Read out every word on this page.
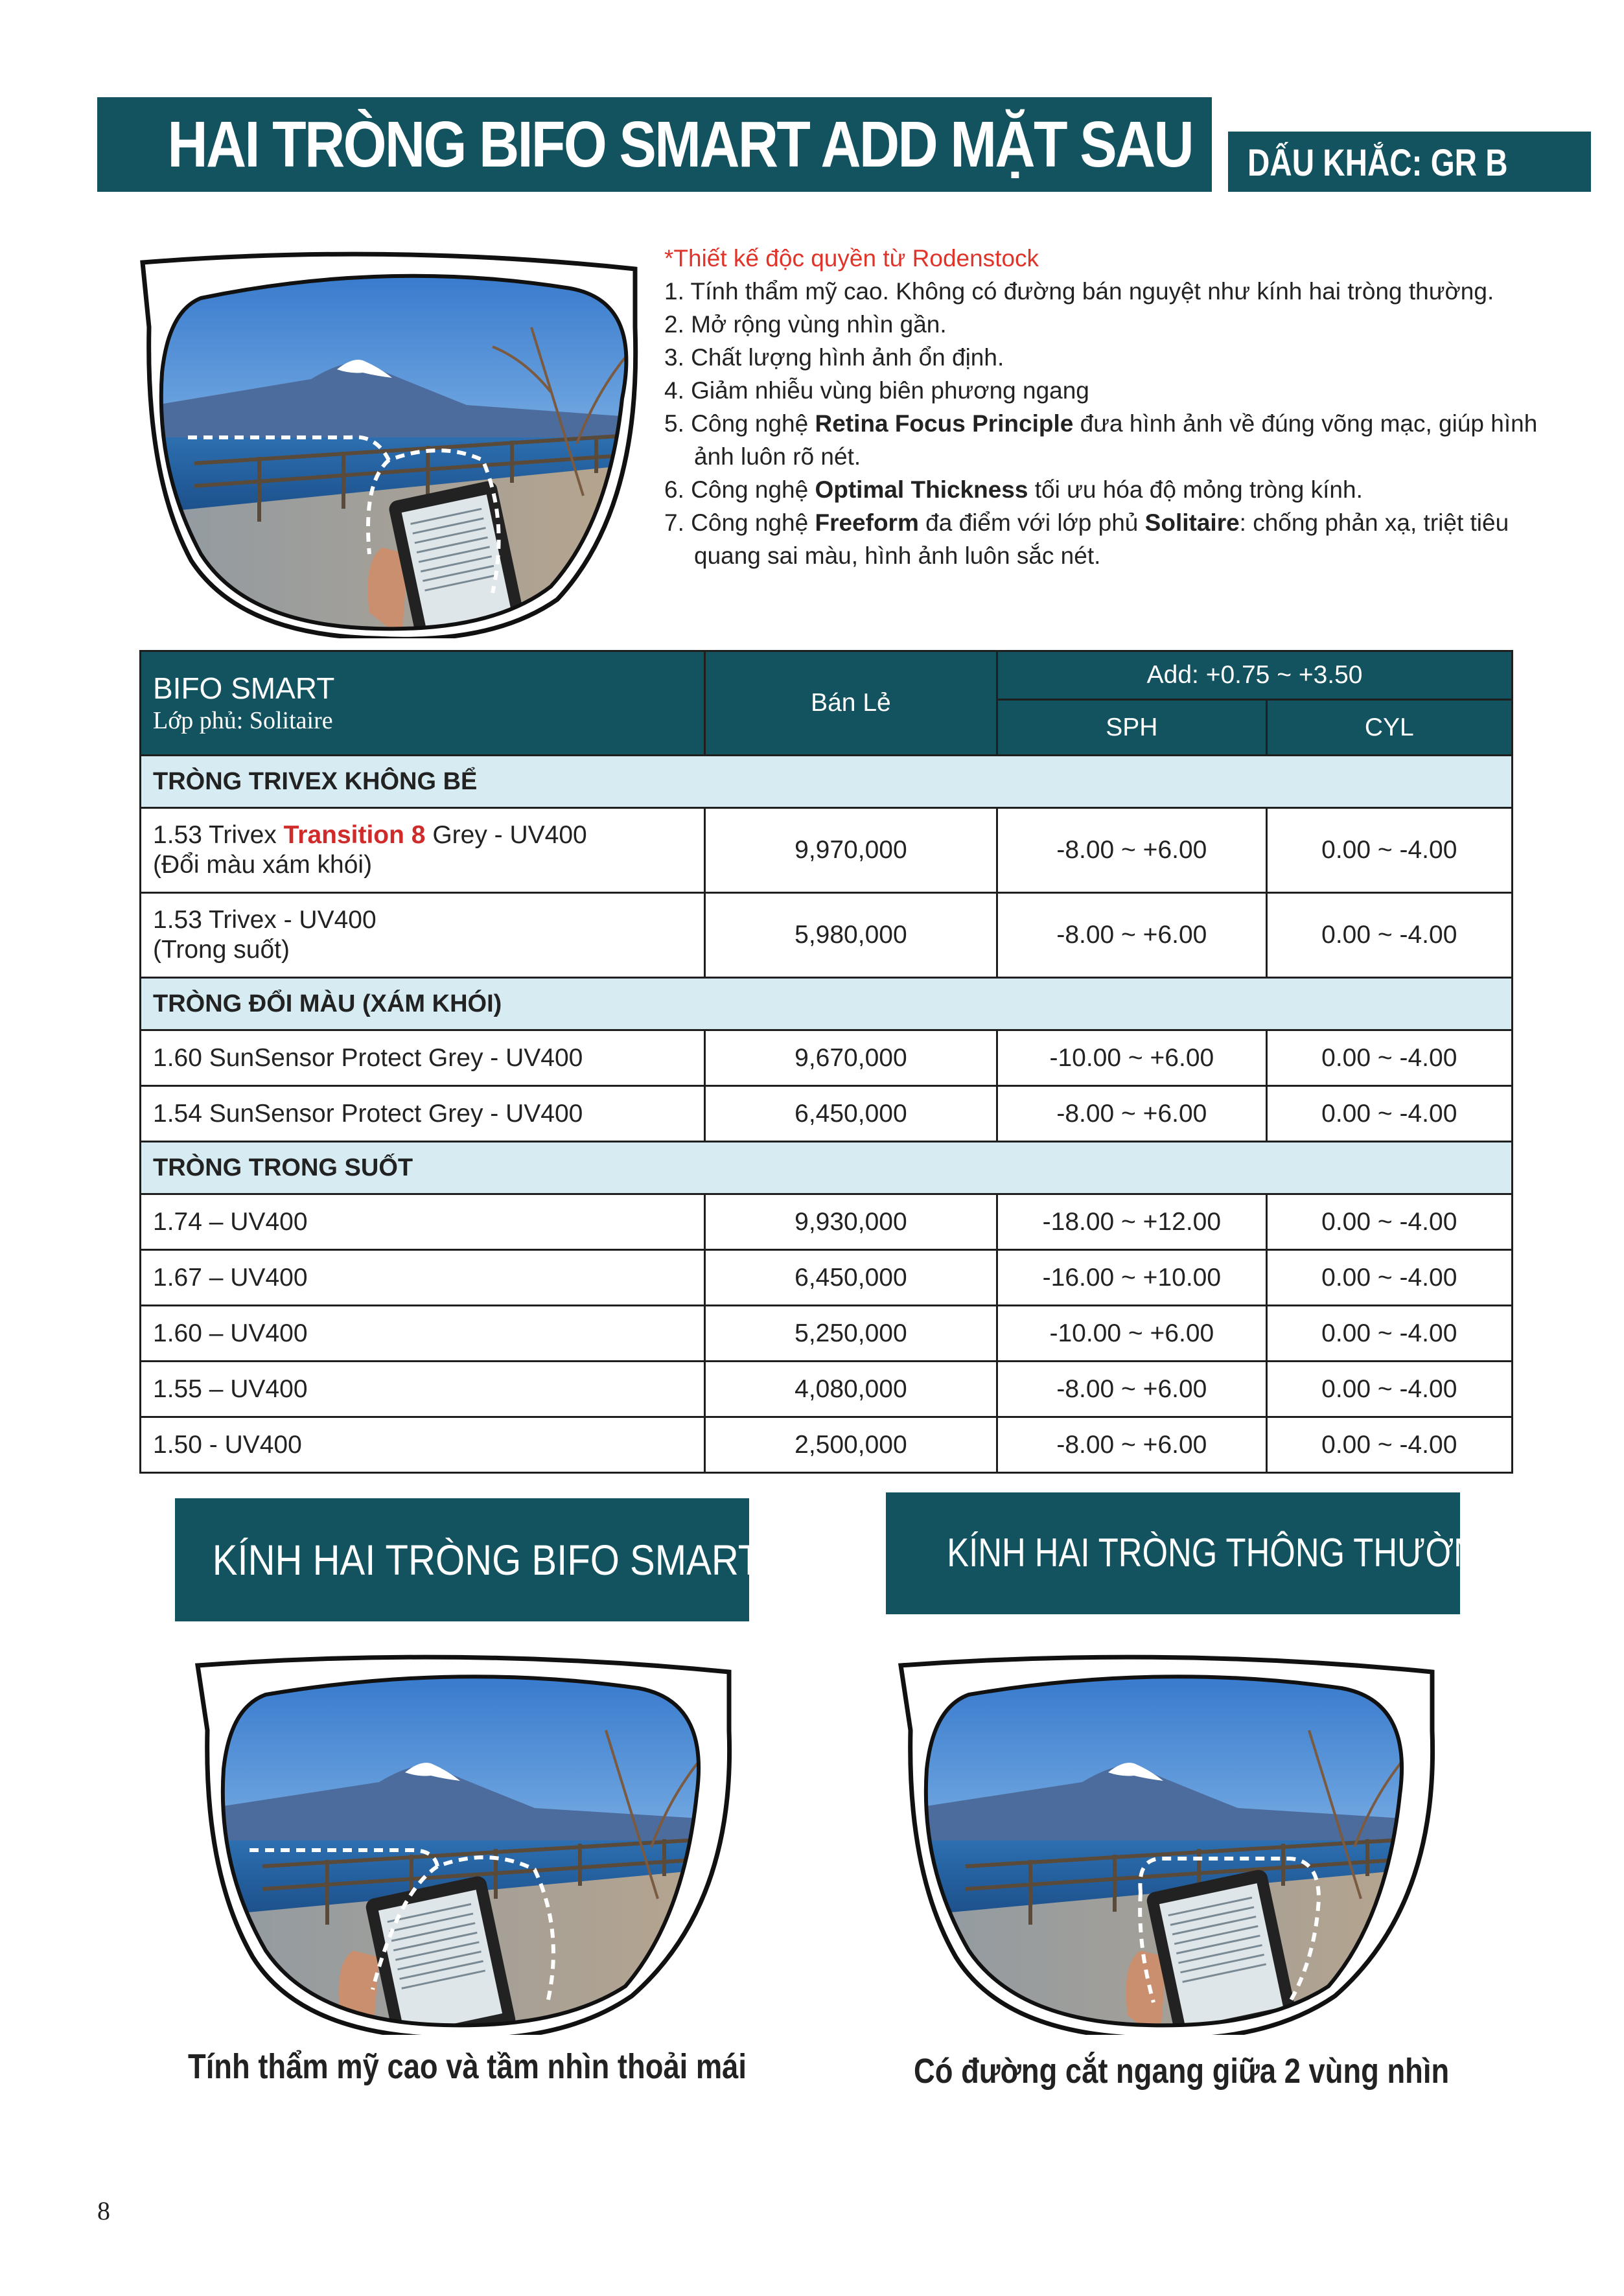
HAI TRÒNG BIFO SMART ADD MẶT SAU DẤU KHẮC: GR B
*Thiết kế độc quyền từ Rodenstock
1. Tính thẩm mỹ cao. Không có đường bán nguyệt như kính hai tròng thường.
2. Mở rộng vùng nhìn gần.
3. Chất lượng hình ảnh ổn định.
4. Giảm nhiễu vùng biên phương ngang
5. Công nghệ Retina Focus Principle đưa hình ảnh về đúng võng mạc, giúp hình
ảnh luôn rõ nét.
6. Công nghệ Optimal Thickness tối ưu hóa độ mỏng tròng kính.
7. Công nghệ Freeform đa điểm với lớp phủ Solitaire: chống phản xạ, triệt tiêu
quang sai màu, hình ảnh luôn sắc nét.
BIFO SMART
Lớp phủ: Solitaire	Bán Lẻ	Add: +0.75 ~ +3.50	
		SPH	CYL
TRÒNG TRIVEX KHÔNG BỂ			

1.53 Trivex Transition 8 Grey - UV400
(Đổi màu xám khói)	9,970,000	-8.00 ~ +6.00	0.00 ~ -4.00

1.53 Trivex - UV400
(Trong suốt)	5,980,000	-8.00 ~ +6.00	0.00 ~ -4.00
TRÒNG ĐỔI MÀU (XÁM KHÓI)			
1.60 SunSensor Protect Grey - UV400	9,670,000	-10.00 ~ +6.00	0.00 ~ -4.00
1.54 SunSensor Protect Grey - UV400	6,450,000	-8.00 ~ +6.00	0.00 ~ -4.00
TRÒNG TRONG SUỐT			
1.74 – UV400	9,930,000	-18.00 ~ +12.00	0.00 ~ -4.00
1.67 – UV400	6,450,000	-16.00 ~ +10.00	0.00 ~ -4.00
1.60 – UV400	5,250,000	-10.00 ~ +6.00	0.00 ~ -4.00
1.55 – UV400	4,080,000	-8.00 ~ +6.00	0.00 ~ -4.00
1.50 - UV400	2,500,000	-8.00 ~ +6.00	0.00 ~ -4.00
KÍNH HAI TRÒNG BIFO SMART	KÍNH HAI TRÒNG THÔNG THƯỜNG
Tính thẩm mỹ cao và tầm nhìn thoải mái	Có đường cắt ngang giữa 2 vùng nhìn
8
